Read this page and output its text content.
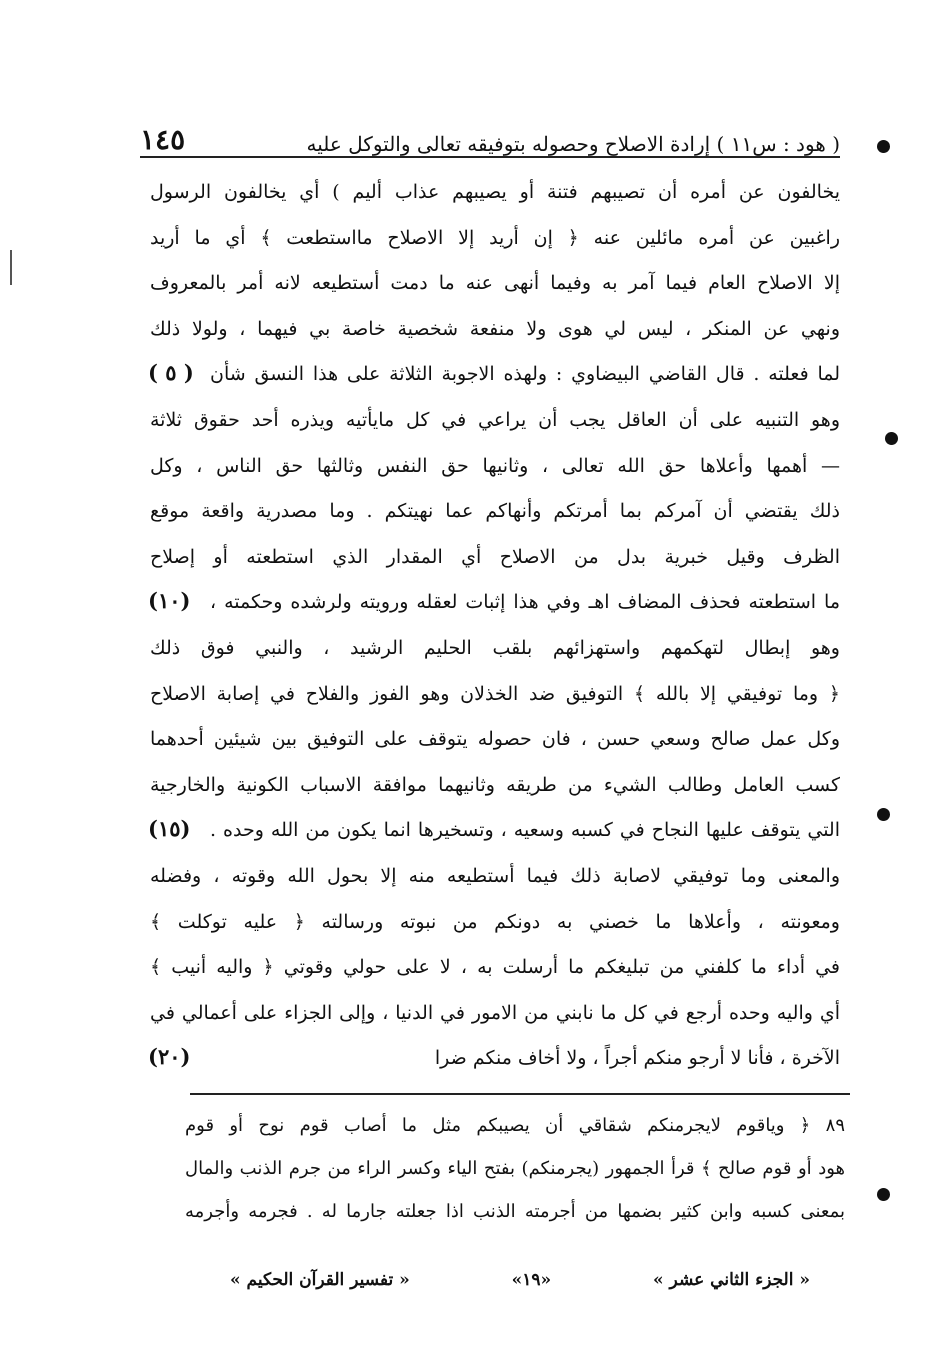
( هود : س١١ ) إرادة الاصلاح وحصوله بتوفيقه تعالى والتوكل عليه
١٤٥
يخالفون عن أمره أن تصيبهم فتنة أو يصيبهم عذاب أليم ) أي يخالفون الرسول
راغبين عن أمره مائلين عنه ﴿ إن أريد إلا الاصلاح مااستطعت ﴾ أي ما أريد
إلا الاصلاح العام فيما آمر به وفيما أنهى عنه ما دمت أستطيعه لانه أمر بالمعروف
ونهي عن المنكر ، ليس لي هوى ولا منفعة شخصية خاصة بي فيهما ، ولولا ذلك
لما فعلته . قال القاضي البيضاوي : ولهذه الاجوبة الثلاثة على هذا النسق شأن
وهو التنبيه على أن العاقل يجب أن يراعي في كل مايأتيه ويذره أحد حقوق ثلاثة
— أهمها وأعلاها حق الله تعالى ، وثانيها حق النفس وثالثها حق الناس ، وكل
ذلك يقتضي أن آمركم بما أمرتكم وأنهاكم عما نهيتكم . وما مصدرية واقعة موقع
الظرف وقيل خبرية بدل من الاصلاح أي المقدار الذي استطعته أو إصلاح
ما استطعته فحذف المضاف اهـ وفي هذا إثبات لعقله ورويته ولرشده وحكمته ،
وهو إبطال لتهكمهم واستهزائهم بلقب الحليم الرشيد ، والنبي فوق ذلك
﴿ وما توفيقي إلا بالله ﴾ التوفيق ضد الخذلان وهو الفوز والفلاح في إصابة الاصلاح
وكل عمل صالح وسعي حسن ، فان حصوله يتوقف على التوفيق بين شيئين أحدهما
كسب العامل وطالب الشيء من طريقه وثانيهما موافقة الاسباب الكونية والخارجية
التي يتوقف عليها النجاح في كسبه وسعيه ، وتسخيرها انما يكون من الله وحده .
والمعنى وما توفيقي لاصابة ذلك فيما أستطيعه منه إلا بحول الله وقوته ، وفضله
ومعونته ، وأعلاها ما خصني به دونكم من نبوته ورسالته ﴿ عليه توكلت ﴾
في أداء ما كلفني من تبليغكم ما أرسلت به ، لا على حولي وقوتي ﴿ واليه أنيب ﴾
أي واليه وحده أرجع في كل ما نابني من الامور في الدنيا ، وإلى الجزاء على أعمالي في
الآخرة ، فأنا لا أرجو منكم أجراً ، ولا أخاف منكم ضرا
( ٥ )
(١٠)
(١٥)
(٢٠)
٨٩ ﴿ وياقوم لايجرمنكم شقاقي أن يصيبكم مثل ما أصاب قوم نوح أو قوم
هود أو قوم صالح ﴾ قرأ الجمهور (يجرمنكم) بفتح الياء وكسر الراء من جرم الذنب والمال
بمعنى كسبه وابن كثير بضمها من أجرمته الذنب اذا جعلته جارما له . فجرمه وأجرمه
« الجزء الثاني عشر »
«١٩»
« تفسير القرآن الحكيم »
